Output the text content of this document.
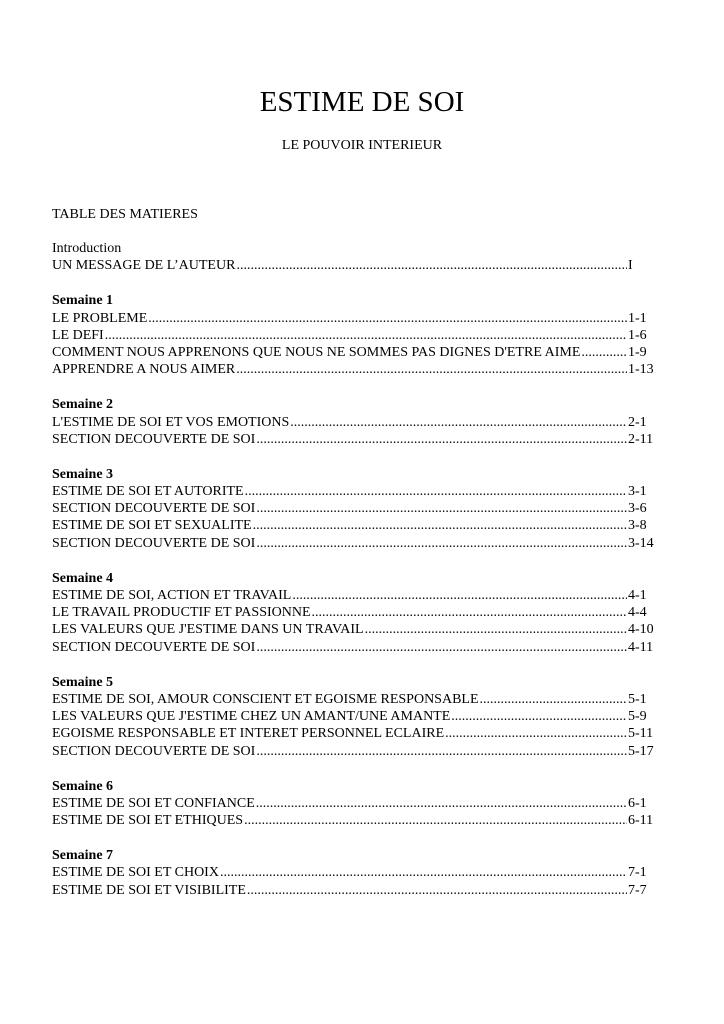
ESTIME DE SOI
LE POUVOIR INTERIEUR
TABLE DES MATIERES
Introduction
UN MESSAGE DE L’AUTEUR .....	I
Semaine 1
LE PROBLEME .....	1-1
LE DEFI .....	1-6
COMMENT NOUS APPRENONS QUE NOUS NE SOMMES PAS DIGNES D'ETRE AIME .....	1-9
APPRENDRE A NOUS AIMER .....	1-13
Semaine 2
L'ESTIME DE SOI ET VOS EMOTIONS .....	2-1
SECTION DECOUVERTE DE SOI .....	2-11
Semaine 3
ESTIME DE SOI ET AUTORITE .....	3-1
SECTION DECOUVERTE DE SOI .....	3-6
ESTIME DE SOI ET SEXUALITE .....	3-8
SECTION DECOUVERTE DE SOI .....	3-14
Semaine 4
ESTIME DE SOI, ACTION ET TRAVAIL .....	4-1
LE TRAVAIL PRODUCTIF ET PASSIONNE .....	4-4
LES VALEURS QUE J'ESTIME DANS UN TRAVAIL .....	4-10
SECTION DECOUVERTE DE SOI .....	4-11
Semaine 5
ESTIME DE SOI, AMOUR CONSCIENT ET EGOISME RESPONSABLE .....	5-1
LES VALEURS QUE J'ESTIME CHEZ UN AMANT/UNE AMANTE .....	5-9
EGOISME RESPONSABLE ET INTERET PERSONNEL ECLAIRE .....	5-11
SECTION DECOUVERTE DE SOI .....	5-17
Semaine 6
ESTIME DE SOI ET CONFIANCE .....	6-1
ESTIME DE SOI ET ETHIQUES .....	6-11
Semaine 7
ESTIME DE SOI ET CHOIX .....	7-1
ESTIME DE SOI ET VISIBILITE .....	7-7
